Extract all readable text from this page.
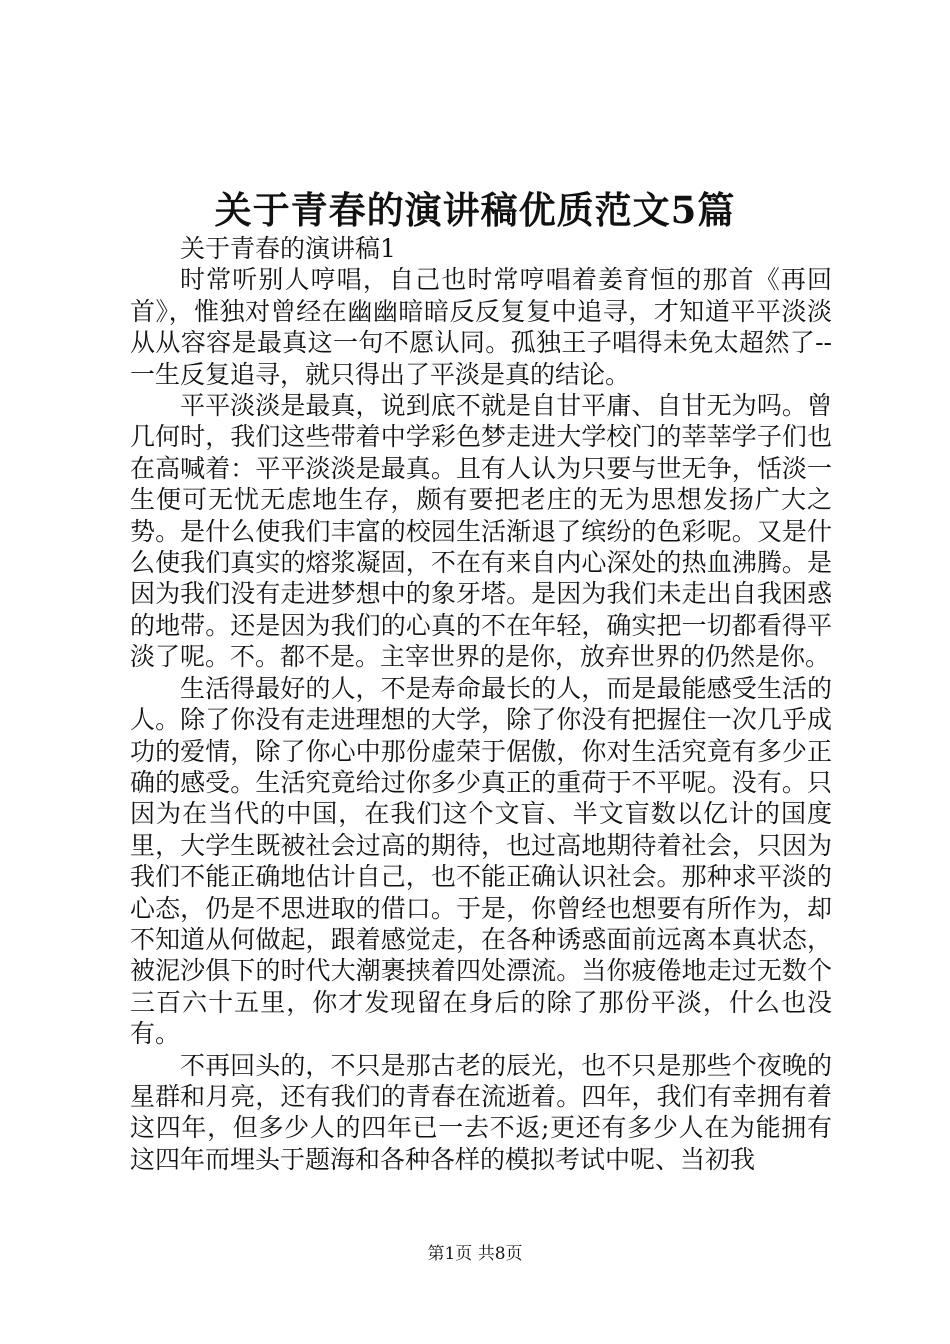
关于青春的演讲稿优质范文5篇

关于青春的演讲稿1

时常听别人哼唱，自己也时常哼唱着姜育恒的那首《再回首》，惟独对曾经在幽幽暗暗反反复复中追寻，才知道平平淡淡从从容容是最真这一句不愿认同。孤独王子唱得未免太超然了--一生反复追寻，就只得出了平淡是真的结论。

平平淡淡是最真，说到底不就是自甘平庸、自甘无为吗。曾几何时，我们这些带着中学彩色梦走进大学校门的莘莘学子们也在高喊着：平平淡淡是最真。且有人认为只要与世无争，恬淡一生便可无忧无虑地生存，颇有要把老庄的无为思想发扬广大之势。是什么使我们丰富的校园生活渐退了缤纷的色彩呢。又是什么使我们真实的熔浆凝固，不在有来自内心深处的热血沸腾。是因为我们没有走进梦想中的象牙塔。是因为我们未走出自我困惑的地带。还是因为我们的心真的不在年轻，确实把一切都看得平淡了呢。不。都不是。主宰世界的是你，放弃世界的仍然是你。

生活得最好的人，不是寿命最长的人，而是最能感受生活的人。除了你没有走进理想的大学，除了你没有把握住一次几乎成功的爱情，除了你心中那份虚荣于倨傲，你对生活究竟有多少正确的感受。生活究竟给过你多少真正的重荷于不平呢。没有。只因为在当代的中国，在我们这个文盲、半文盲数以亿计的国度里，大学生既被社会过高的期待，也过高地期待着社会，只因为我们不能正确地估计自己，也不能正确认识社会。那种求平淡的心态，仍是不思进取的借口。于是，你曾经也想要有所作为，却不知道从何做起，跟着感觉走，在各种诱惑面前远离本真状态，被泥沙俱下的时代大潮裹挟着四处漂流。当你疲倦地走过无数个三百六十五里，你才发现留在身后的除了那份平淡，什么也没有。

不再回头的，不只是那古老的辰光，也不只是那些个夜晚的星群和月亮，还有我们的青春在流逝着。四年，我们有幸拥有着这四年，但多少人的四年已一去不返;更还有多少人在为能拥有这四年而埋头于题海和各种各样的模拟考试中呢、当初我

第1页 共8页
